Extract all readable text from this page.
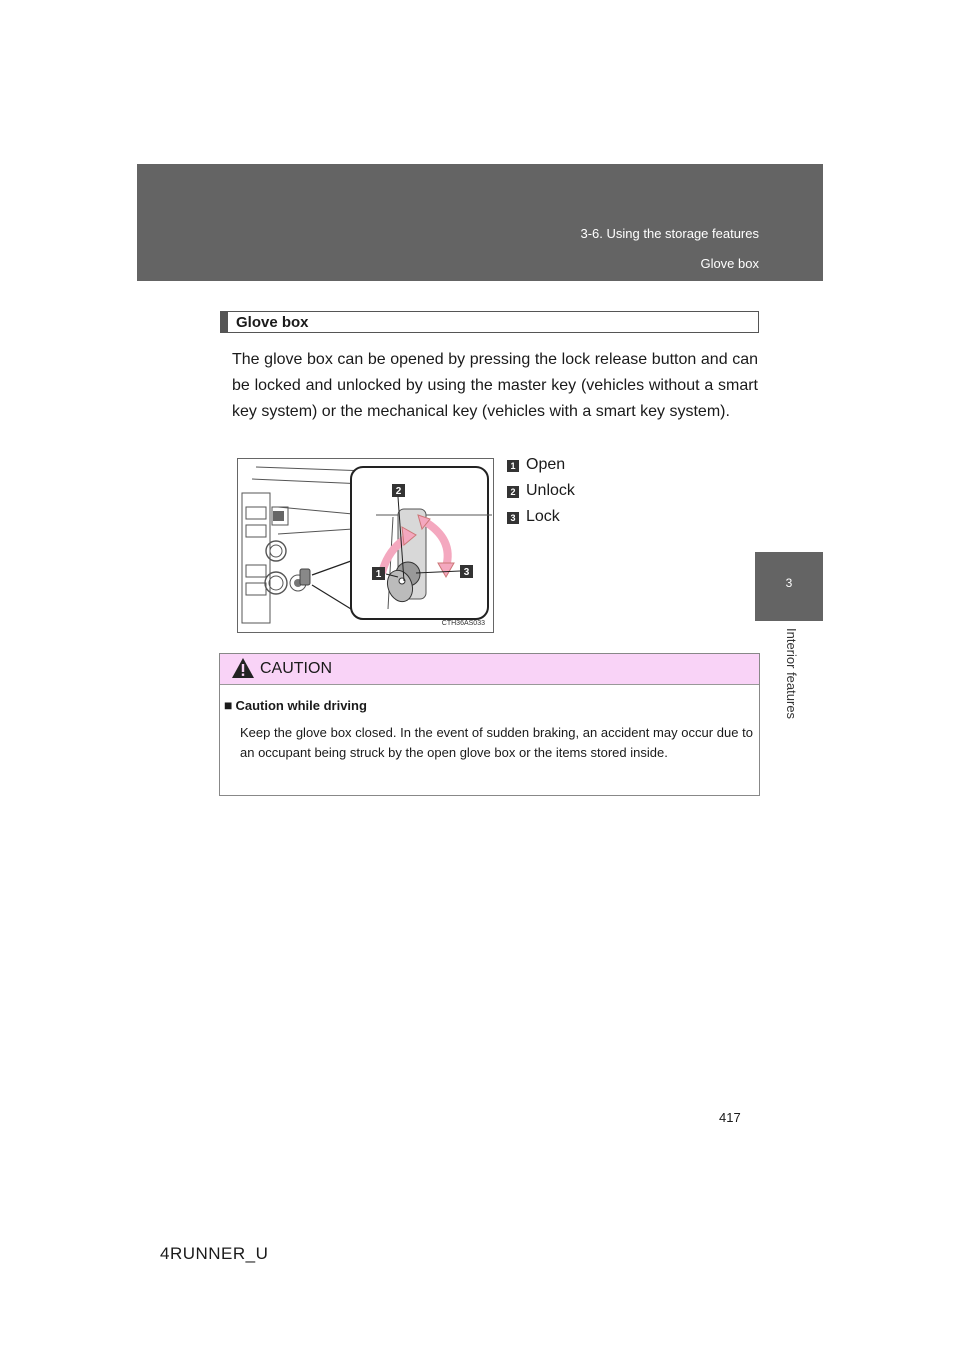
3-6. Using the storage features
Glove box
3
Interior features
Glove box
The glove box can be opened by pressing the lock release button and can be locked and unlocked by using the master key (vehicles without a smart key system) or the mechanical key (vehicles with a smart key system).
2
1	3
CTH36AS033
1 Open
2 Unlock
3 Lock
CAUTION
■ Caution while driving
Keep the glove box closed. In the event of sudden braking, an accident may occur due to an occupant being struck by the open glove box or the items stored inside.
417
4RUNNER_U
